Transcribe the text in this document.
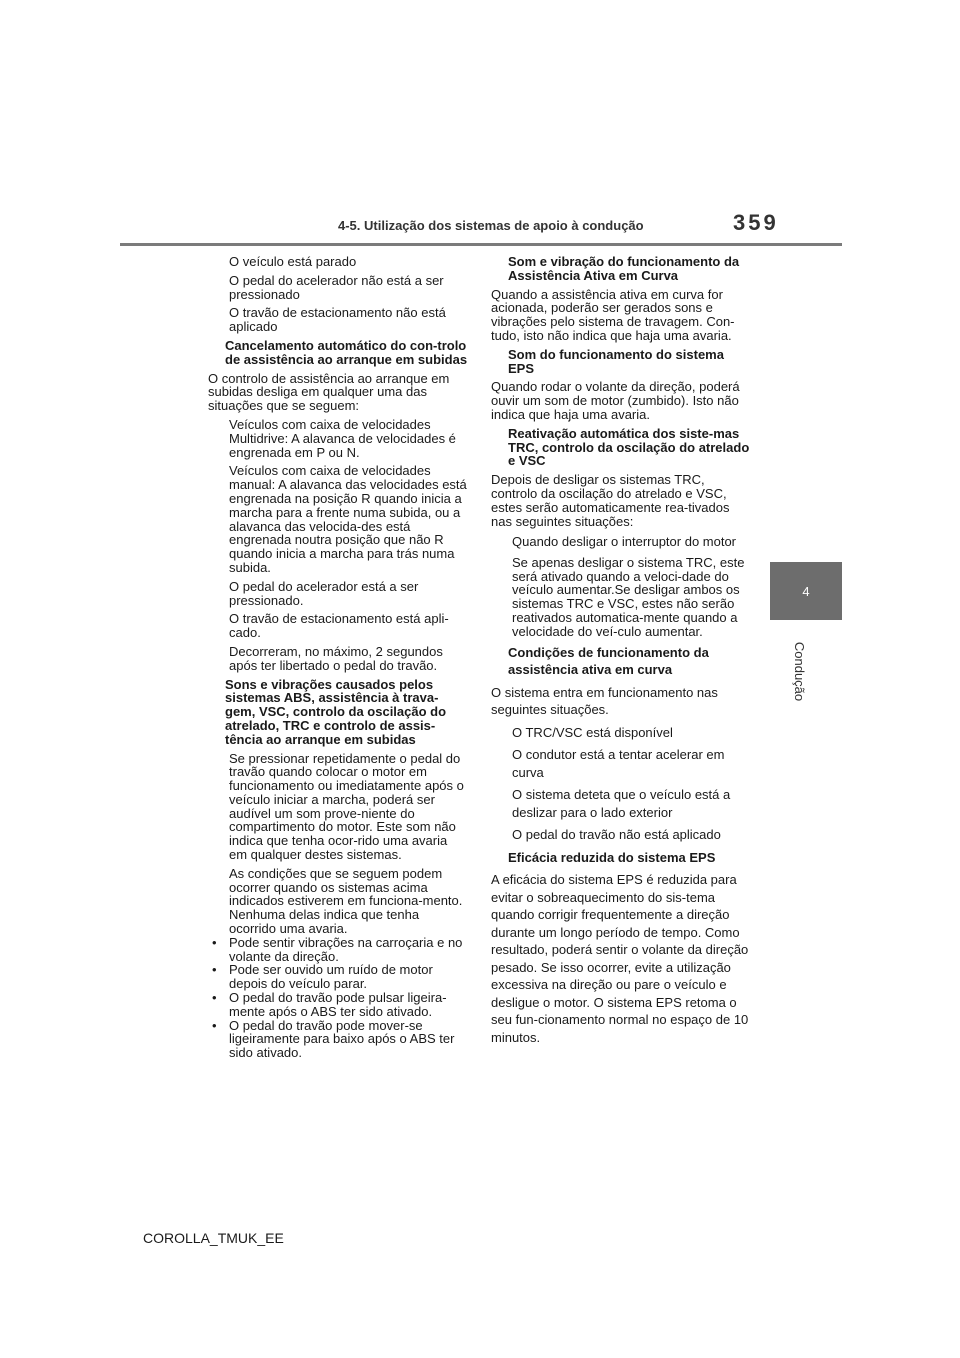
4-5. Utilização dos sistemas de apoio à condução	359
4
Condução

O veículo está parado

O pedal do acelerador não está a ser pressionado

O travão de estacionamento não está aplicado

Cancelamento automático do con-trolo de assistência ao arranque em subidas

O controlo de assistência ao arranque em subidas desliga em qualquer uma das situações que se seguem:

Veículos com caixa de velocidades Multidrive: A alavanca de velocidades é engrenada em P ou N.

Veículos com caixa de velocidades manual: A alavanca das velocidades está engrenada na posição R quando inicia a marcha para a frente numa subida, ou a alavanca das velocida-des está engrenada noutra posição que não R quando inicia a marcha para trás numa subida.

O pedal do acelerador está a ser pressionado.

O travão de estacionamento está apli-cado.

Decorreram, no máximo, 2 segundos após ter libertado o pedal do travão.

Sons e vibrações causados pelos sistemas ABS, assistência à trava-gem, VSC, controlo da oscilação do atrelado, TRC e controlo de assis-tência ao arranque em subidas

Se pressionar repetidamente o pedal do travão quando colocar o motor em funcionamento ou imediatamente após o veículo iniciar a marcha, poderá ser audível um som prove-niente do compartimento do motor. Este som não indica que tenha ocor-rido uma avaria em qualquer destes sistemas.

As condições que se seguem podem ocorrer quando os sistemas acima indicados estiverem em funciona-mento. Nenhuma delas indica que tenha ocorrido uma avaria.

• Pode sentir vibrações na carroçaria e no volante da direção.
• Pode ser ouvido um ruído de motor depois do veículo parar.
• O pedal do travão pode pulsar ligeira-mente após o ABS ter sido ativado.
• O pedal do travão pode mover-se ligeiramente para baixo após o ABS ter sido ativado.

Som e vibração do funcionamento da Assistência Ativa em Curva

Quando a assistência ativa em curva for acionada, poderão ser gerados sons e vibrações pelo sistema de travagem. Con-tudo, isto não indica que haja uma avaria.

Som do funcionamento do sistema EPS

Quando rodar o volante da direção, poderá ouvir um som de motor (zumbido). Isto não indica que haja uma avaria.

Reativação automática dos siste-mas TRC, controlo da oscilação do atrelado e VSC

Depois de desligar os sistemas TRC, controlo da oscilação do atrelado e VSC, estes serão automaticamente rea-tivados nas seguintes situações:

Quando desligar o interruptor do motor

Se apenas desligar o sistema TRC, este será ativado quando a veloci-dade do veículo aumentar.Se desligar ambos os sistemas TRC e VSC, estes não serão reativados automatica-mente quando a velocidade do veí-culo aumentar.

Condições de funcionamento da assistência ativa em curva

O sistema entra em funcionamento nas seguintes situações.

O TRC/VSC está disponível

O condutor está a tentar acelerar em curva

O sistema deteta que o veículo está a deslizar para o lado exterior

O pedal do travão não está aplicado

Eficácia reduzida do sistema EPS

A eficácia do sistema EPS é reduzida para evitar o sobreaquecimento do sis-tema quando corrigir frequentemente a direção durante um longo período de tempo. Como resultado, poderá sentir o volante da direção pesado. Se isso ocorrer, evite a utilização excessiva na direção ou pare o veículo e desligue o motor. O sistema EPS retoma o seu fun-cionamento normal no espaço de 10 minutos.

COROLLA_TMUK_EE
